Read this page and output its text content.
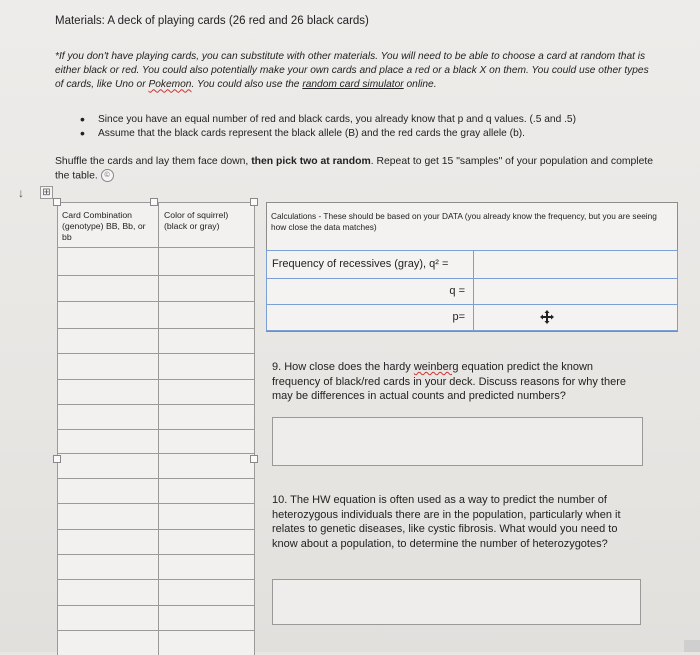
Materials: A deck of playing cards (26 red and 26 black cards)
*If you don't have playing cards, you can substitute with other materials. You will need to be able to choose a card at random that is either black or red. You could also potentially make your own cards and place a red or a black X on them. You could use other types of cards, like Uno or Pokemon. You could also use the random card simulator online.
• Since you have an equal number of red and black cards, you already know that p and q values. (.5 and .5)
• Assume that the black cards represent the black allele (B) and the red cards the gray allele (b).
Shuffle the cards and lay them face down, then pick two at random. Repeat to get 15 "samples" of your population and complete the table. ©
↓ ⊞
Card Combination (genotype) BB, Bb, or bb
Color of squirrel) (black or gray)
Calculations - These should be based on your DATA (you already know the frequency, but you are seeing how close the data matches)
Frequency of recessives (gray), q² =
q =
p=
9. How close does the hardy weinberg equation predict the known frequency of black/red cards in your deck. Discuss reasons for why there may be differences in actual counts and predicted numbers?
10. The HW equation is often used as a way to predict the number of heterozygous individuals there are in the population, particularly when it relates to genetic diseases, like cystic fibrosis. What would you need to know about a population, to determine the number of heterozygotes?
